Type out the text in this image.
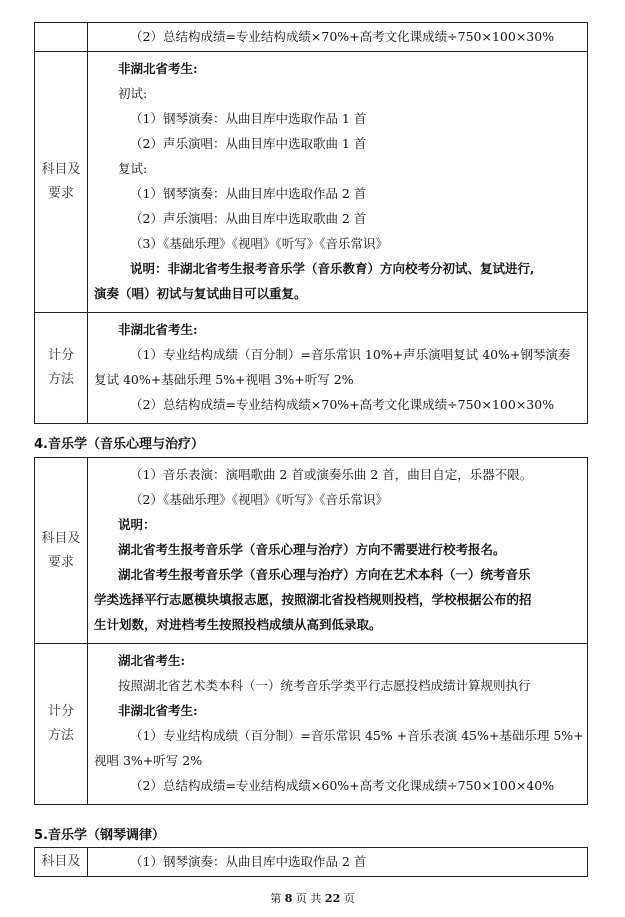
（2）总结构成绩=专业结构成绩×70%+高考文化课成绩÷750×100×30%

科目及
要求

非湖北省考生:

初试:

（1）钢琴演奏：从曲目库中选取作品 1 首

（2）声乐演唱：从曲目库中选取歌曲 1 首

复试:

（1）钢琴演奏：从曲目库中选取作品 2 首

（2）声乐演唱：从曲目库中选取歌曲 2 首

（3）《基础乐理》《视唱》《听写》《音乐常识》

说明：非湖北省考生报考音乐学（音乐教育）方向校考分初试、复试进行,

演奏（唱）初试与复试曲目可以重复。

计分
方法

非湖北省考生:

（1）专业结构成绩（百分制）=音乐常识 10%+声乐演唱复试 40%+钢琴演奏

复试 40%+基础乐理 5%+视唱 3%+听写 2%

（2）总结构成绩=专业结构成绩×70%+高考文化课成绩÷750×100×30%

4.音乐学（音乐心理与治疗）
科目及
要求

（1）音乐表演：演唱歌曲 2 首或演奏乐曲 2 首，曲目自定，乐器不限。

（2）《基础乐理》《视唱》《听写》《音乐常识》

说明：

湖北省考生报考音乐学（音乐心理与治疗）方向不需要进行校考报名。

湖北省考生报考音乐学（音乐心理与治疗）方向在艺术本科（一）统考音乐

学类选择平行志愿模块填报志愿，按照湖北省投档规则投档，学校根据公布的招

生计划数，对进档考生按照投档成绩从高到低录取。

计分
方法

湖北省考生:

按照湖北省艺术类本科（一）统考音乐学类平行志愿投档成绩计算规则执行

非湖北省考生:

（1）专业结构成绩（百分制）=音乐常识 45% +音乐表演 45%+基础乐理 5%+

视唱 3%+听写 2%

（2）总结构成绩=专业结构成绩×60%+高考文化课成绩÷750×100×40%

5.音乐学（钢琴调律）
科目及	（1）钢琴演奏：从曲目库中选取作品 2 首

第 8 页 共 22 页
